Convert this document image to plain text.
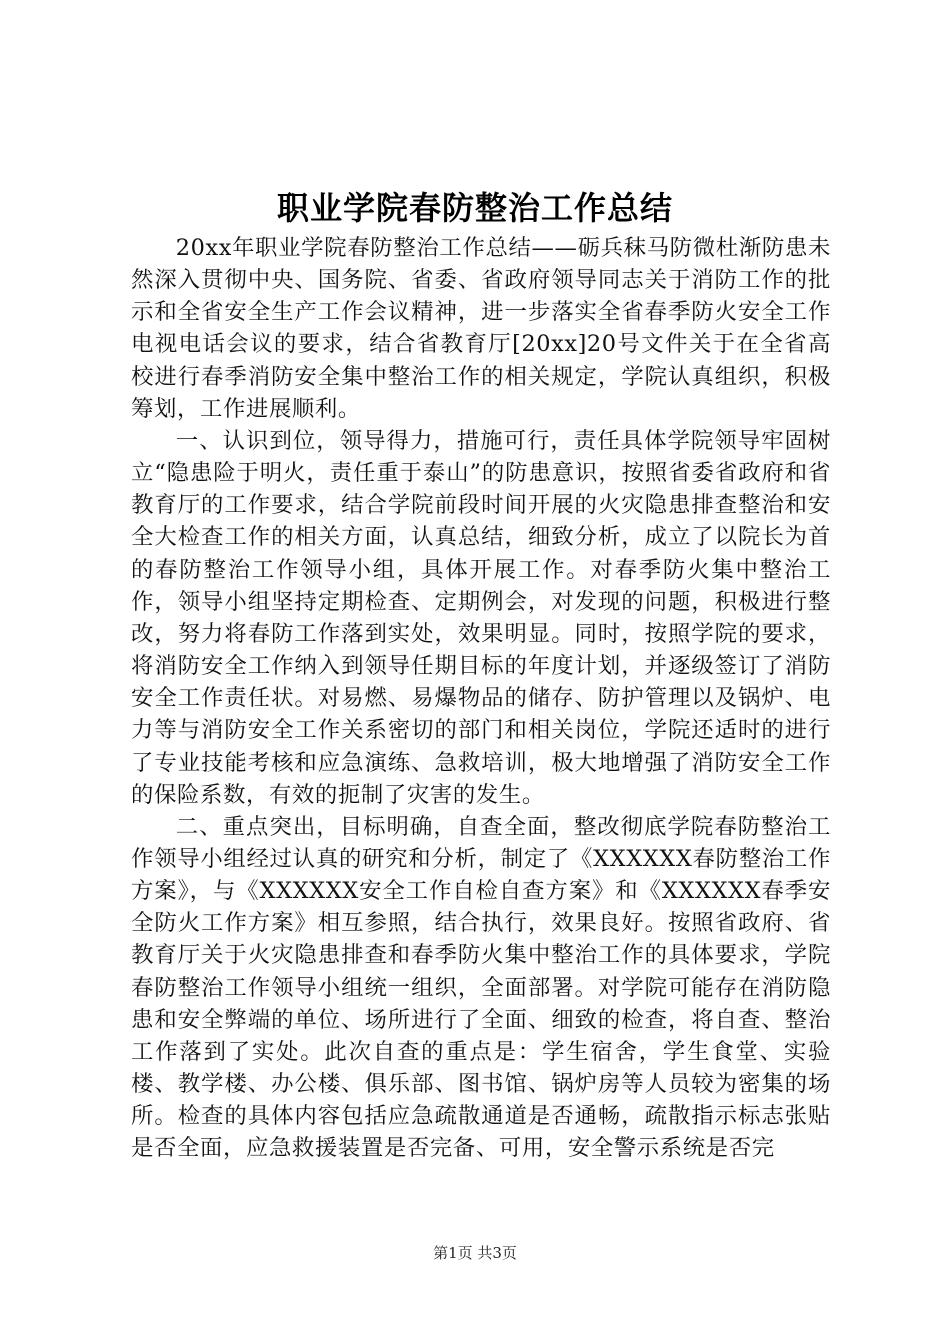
职业学院春防整治工作总结

20xx年职业学院春防整治工作总结——砺兵秣马防微杜渐防患未然深入贯彻中央、国务院、省委、省政府领导同志关于消防工作的批示和全省安全生产工作会议精神，进一步落实全省春季防火安全工作电视电话会议的要求，结合省教育厅[20xx]20号文件关于在全省高校进行春季消防安全集中整治工作的相关规定，学院认真组织，积极筹划，工作进展顺利。

一、认识到位，领导得力，措施可行，责任具体学院领导牢固树立“隐患险于明火，责任重于泰山”的防患意识，按照省委省政府和省教育厅的工作要求，结合学院前段时间开展的火灾隐患排查整治和安全大检查工作的相关方面，认真总结，细致分析，成立了以院长为首的春防整治工作领导小组，具体开展工作。对春季防火集中整治工作，领导小组坚持定期检查、定期例会，对发现的问题，积极进行整改，努力将春防工作落到实处，效果明显。同时，按照学院的要求，将消防安全工作纳入到领导任期目标的年度计划，并逐级签订了消防安全工作责任状。对易燃、易爆物品的储存、防护管理以及锅炉、电力等与消防安全工作关系密切的部门和相关岗位，学院还适时的进行了专业技能考核和应急演练、急救培训，极大地增强了消防安全工作的保险系数，有效的扼制了灾害的发生。

二、重点突出，目标明确，自查全面，整改彻底学院春防整治工作领导小组经过认真的研究和分析，制定了《XXXXXX春防整治工作方案》，与《XXXXXX安全工作自检自查方案》和《XXXXXX春季安全防火工作方案》相互参照，结合执行，效果良好。按照省政府、省教育厅关于火灾隐患排查和春季防火集中整治工作的具体要求，学院春防整治工作领导小组统一组织，全面部署。对学院可能存在消防隐患和安全弊端的单位、场所进行了全面、细致的检查，将自查、整治工作落到了实处。此次自查的重点是：学生宿舍，学生食堂、实验楼、教学楼、办公楼、俱乐部、图书馆、锅炉房等人员较为密集的场所。检查的具体内容包括应急疏散通道是否通畅，疏散指示标志张贴是否全面，应急救援装置是否完备、可用，安全警示系统是否完

第1页 共3页
